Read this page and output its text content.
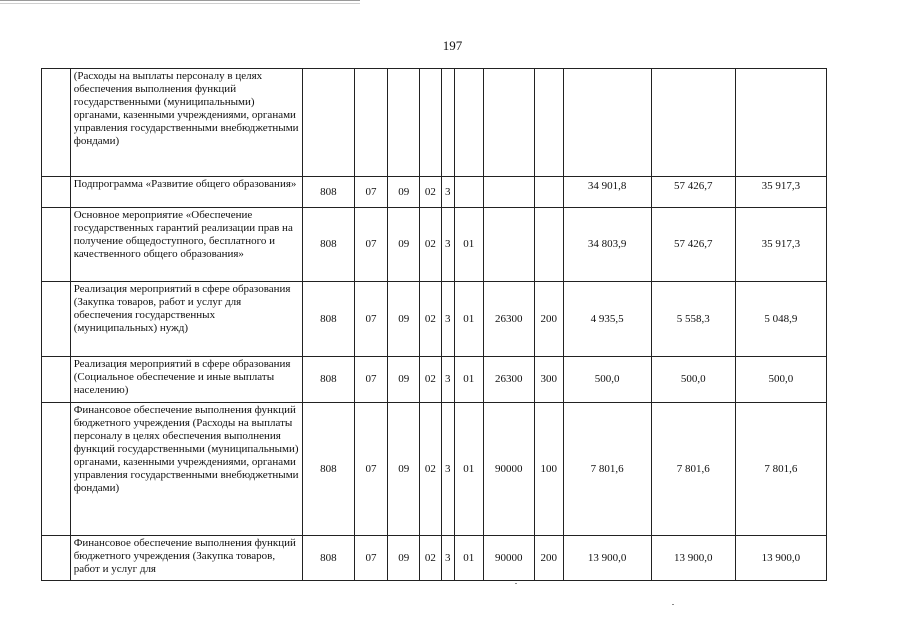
197
	(Расходы на выплаты персоналу в целях обеспечения выполнения функций государственными (муниципальными) органами, казенными учреждениями, органами управления государственными внебюджетными фондами)											
	Подпрограмма «Развитие общего образования»	808	07	09	02	3				34 901,8	57 426,7	35 917,3
	Основное мероприятие «Обеспечение государственных гарантий реализации прав на получение общедоступного, бесплатного и качественного общего образования»	808	07	09	02	3	01			34 803,9	57 426,7	35 917,3
	Реализация мероприятий в сфере образования (Закупка товаров, работ и услуг для обеспечения государственных (муниципальных) нужд)	808	07	09	02	3	01	26300	200	4 935,5	5 558,3	5 048,9
	Реализация мероприятий в сфере образования (Социальное обеспечение и иные выплаты населению)	808	07	09	02	3	01	26300	300	500,0	500,0	500,0
	Финансовое обеспечение выполнения функций бюджетного учреждения (Расходы на выплаты персоналу в целях обеспечения выполнения функций государственными (муниципальными) органами, казенными учреждениями, органами управления государственными внебюджетными фондами)	808	07	09	02	3	01	90000	100	7 801,6	7 801,6	7 801,6
	Финансовое обеспечение выполнения функций бюджетного учреждения (Закупка товаров, работ и услуг для	808	07	09	02	3	01	90000	200	13 900,0	13 900,0	13 900,0
